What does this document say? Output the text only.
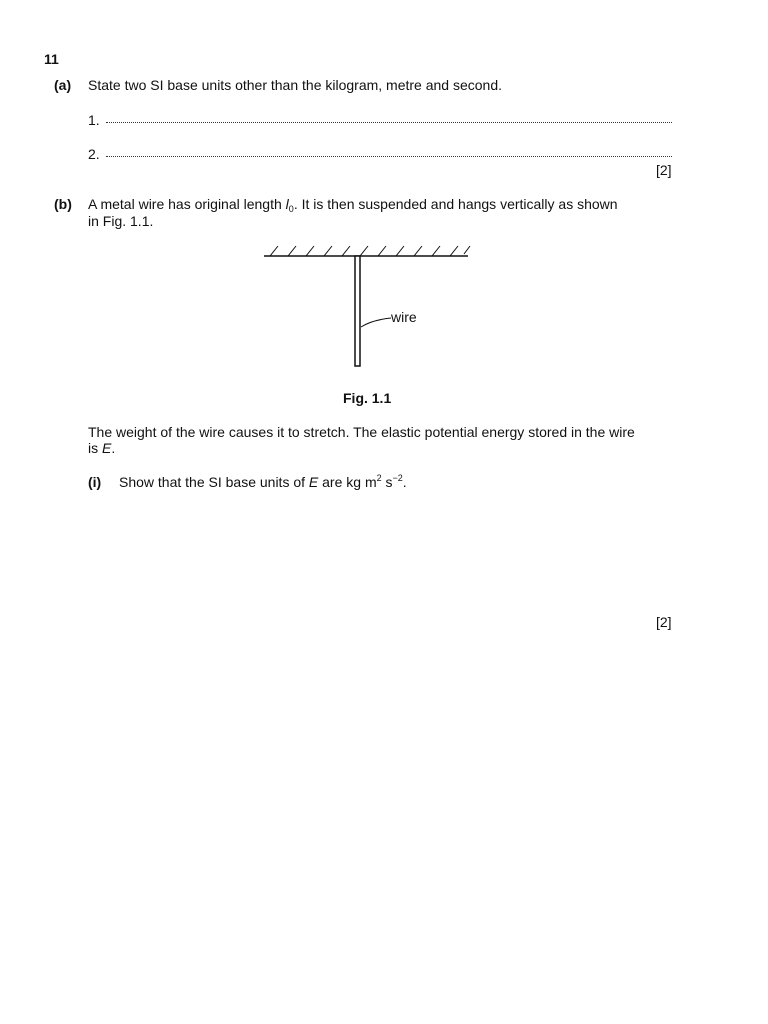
11
(a) State two SI base units other than the kilogram, metre and second.
1.
2.
[2]
(b) A metal wire has original length $l_0$. It is then suspended and hangs vertically as shown
in Fig. 1.1.
wire
Fig. 1.1
The weight of the wire causes it to stretch. The elastic potential energy stored in the wire
is E.
(i) Show that the SI base units of E are kg $m^2$ $s^{-2}$.
[2]
